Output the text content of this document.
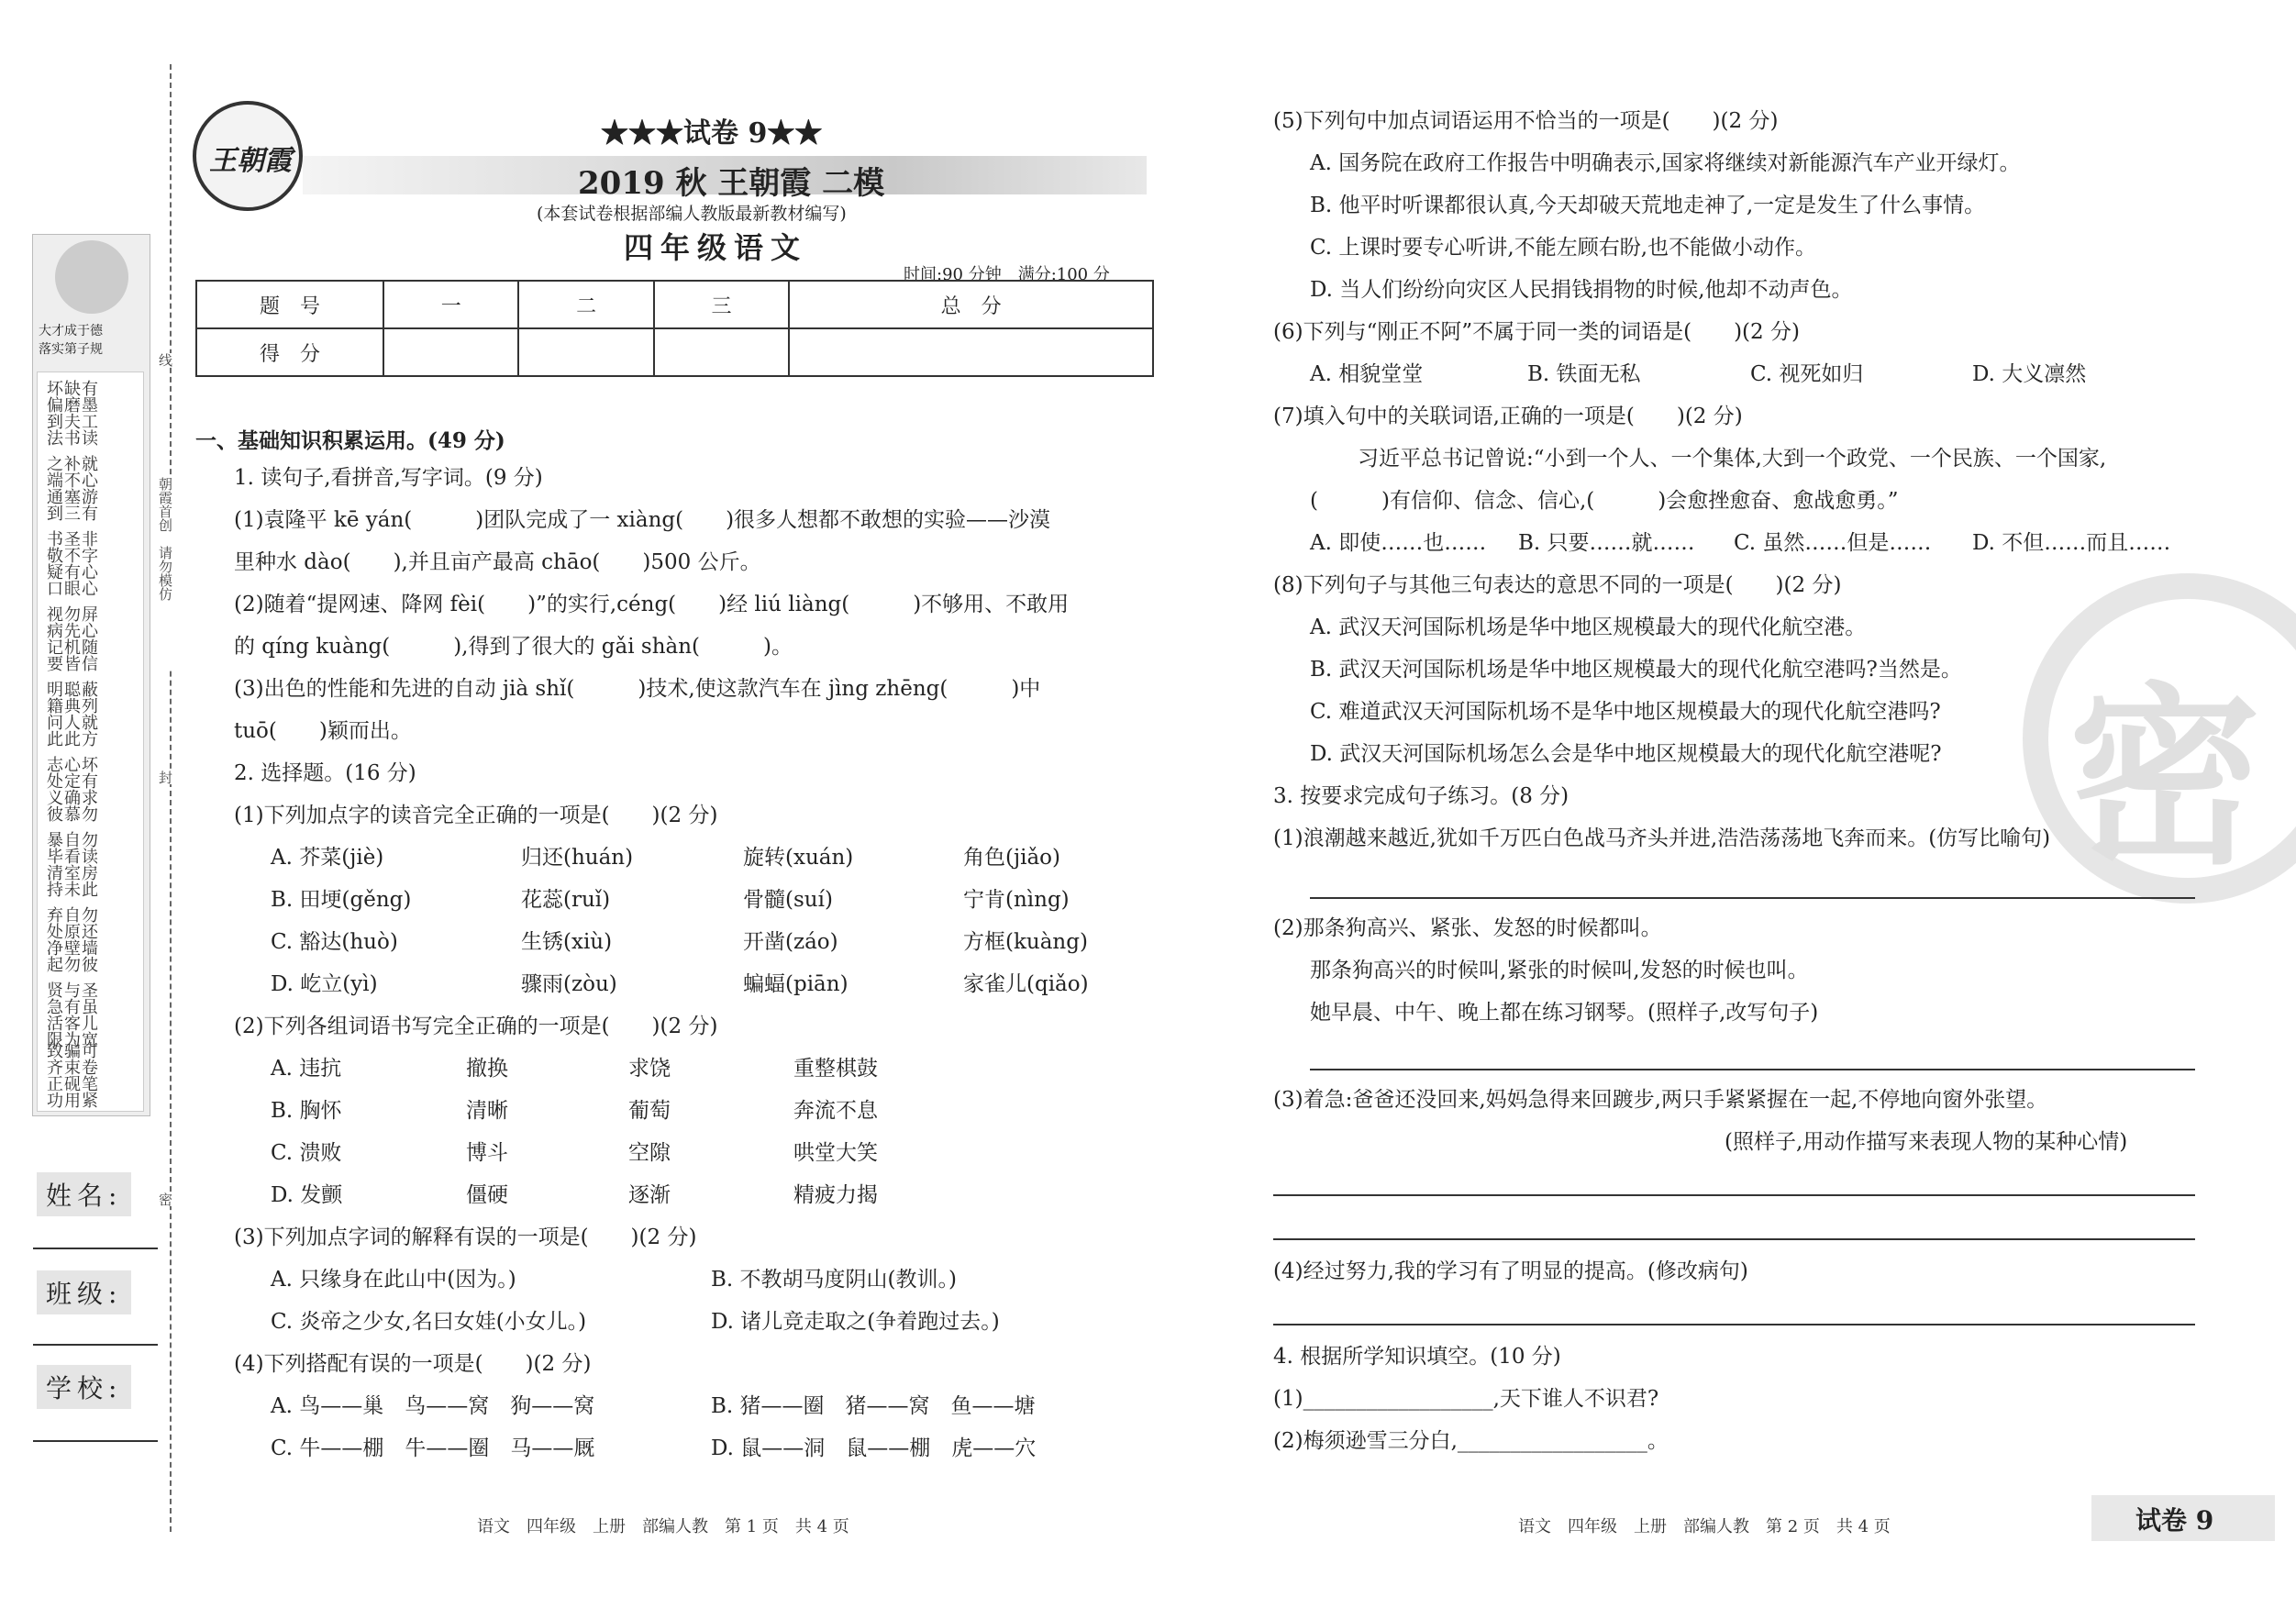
大才成于德
落实第子规
有墨工读缺磨夫书坏偏到法
就心游有补不塞三之端通到
非字心心圣不有眼书敬疑口
屏心随信勿先机皆视病记要
蔽列就方聪典人此明籍问此
坏有求勿心定确慕志处义彼
勿读房此自看室未暴毕清持
勿还墙彼自原壁勿弃处净起
圣虽儿宽与有客为贤急活限
可卷笔紧骗束砚用致齐正功
姓名:
班级:
学校:
线
朝霞首创　请勿模仿
封
密
王朝霞
★★★试卷 9★★
2019 秋 王朝霞 二模
(本套试卷根据部编人教版最新教材编写)
四年级语文
时间:90 分钟　满分:100 分
题　号	一	二	三	总　分
得　分				
一、基础知识积累运用。(49 分)
1. 读句子,看拼音,写字词。(9 分)
(1)袁隆平 kē yán(　　　)团队完成了一 xiàng(　　)很多人想都不敢想的实验——沙漠
里种水 dào(　　),并且亩产最高 chāo(　　)500 公斤。
(2)随着“提网速、降网 fèi(　　)”的实行,céng(　　)经 liú liàng(　　　)不够用、不敢用
的 qíng kuàng(　　　),得到了很大的 gǎi shàn(　　　)。
(3)出色的性能和先进的自动 jià shǐ(　　　)技术,使这款汽车在 jìng zhēng(　　　)中
tuō(　　)颖而出。
2. 选择题。(16 分)
(1)下列加点字的读音完全正确的一项是(　　)(2 分)
A. 芥菜(jiè)	归还(huán)	旋转(xuán)	角色(jiǎo)
B. 田埂(gěng)	花蕊(ruǐ)	骨髓(suí)	宁肯(nìng)
C. 豁达(huò)	生锈(xiù)	开凿(záo)	方框(kuàng)
D. 屹立(yì)	骤雨(zòu)	蝙蝠(piān)	家雀儿(qiǎo)
(2)下列各组词语书写完全正确的一项是(　　)(2 分)
A. 违抗	撤换	求饶	重整棋鼓
B. 胸怀	清晰	葡萄	奔流不息
C. 溃败	博斗	空隙	哄堂大笑
D. 发颤	僵硬	逐渐	精疲力揭
(3)下列加点字词的解释有误的一项是(　　)(2 分)
A. 只缘身在此山中(因为。)	B. 不教胡马度阴山(教训。)
C. 炎帝之少女,名曰女娃(小女儿。)	D. 诸儿竞走取之(争着跑过去。)
(4)下列搭配有误的一项是(　　)(2 分)
A. 鸟——巢　鸟——窝　狗——窝	B. 猪——圈　猪——窝　鱼——塘
C. 牛——棚　牛——圈　马——厩	D. 鼠——洞　鼠——棚　虎——穴
语文　四年级　上册　部编人教　第 1 页　共 4 页
密
(5)下列句中加点词语运用不恰当的一项是(　　)(2 分)
A. 国务院在政府工作报告中明确表示,国家将继续对新能源汽车产业开绿灯。
B. 他平时听课都很认真,今天却破天荒地走神了,一定是发生了什么事情。
C. 上课时要专心听讲,不能左顾右盼,也不能做小动作。
D. 当人们纷纷向灾区人民捐钱捐物的时候,他却不动声色。
(6)下列与“刚正不阿”不属于同一类的词语是(　　)(2 分)
A. 相貌堂堂	B. 铁面无私	C. 视死如归	D. 大义凛然
(7)填入句中的关联词语,正确的一项是(　　)(2 分)
习近平总书记曾说:“小到一个人、一个集体,大到一个政党、一个民族、一个国家,
(　　　)有信仰、信念、信心,(　　　)会愈挫愈奋、愈战愈勇。”
A. 即使……也…… B. 只要……就…… C. 虽然……但是…… D. 不但……而且……
(8)下列句子与其他三句表达的意思不同的一项是(　　)(2 分)
A. 武汉天河国际机场是华中地区规模最大的现代化航空港。
B. 武汉天河国际机场是华中地区规模最大的现代化航空港吗?当然是。
C. 难道武汉天河国际机场不是华中地区规模最大的现代化航空港吗?
D. 武汉天河国际机场怎么会是华中地区规模最大的现代化航空港呢?
3. 按要求完成句子练习。(8 分)
(1)浪潮越来越近,犹如千万匹白色战马齐头并进,浩浩荡荡地飞奔而来。(仿写比喻句)
(2)那条狗高兴、紧张、发怒的时候都叫。
那条狗高兴的时候叫,紧张的时候叫,发怒的时候也叫。
她早晨、中午、晚上都在练习钢琴。(照样子,改写句子)
(3)着急:爸爸还没回来,妈妈急得来回踱步,两只手紧紧握在一起,不停地向窗外张望。
(照样子,用动作描写来表现人物的某种心情)
(4)经过努力,我的学习有了明显的提高。(修改病句)
4. 根据所学知识填空。(10 分)
(1)__________________,天下谁人不识君?
(2)梅须逊雪三分白,__________________。
语文　四年级　上册　部编人教　第 2 页　共 4 页	试卷 9
